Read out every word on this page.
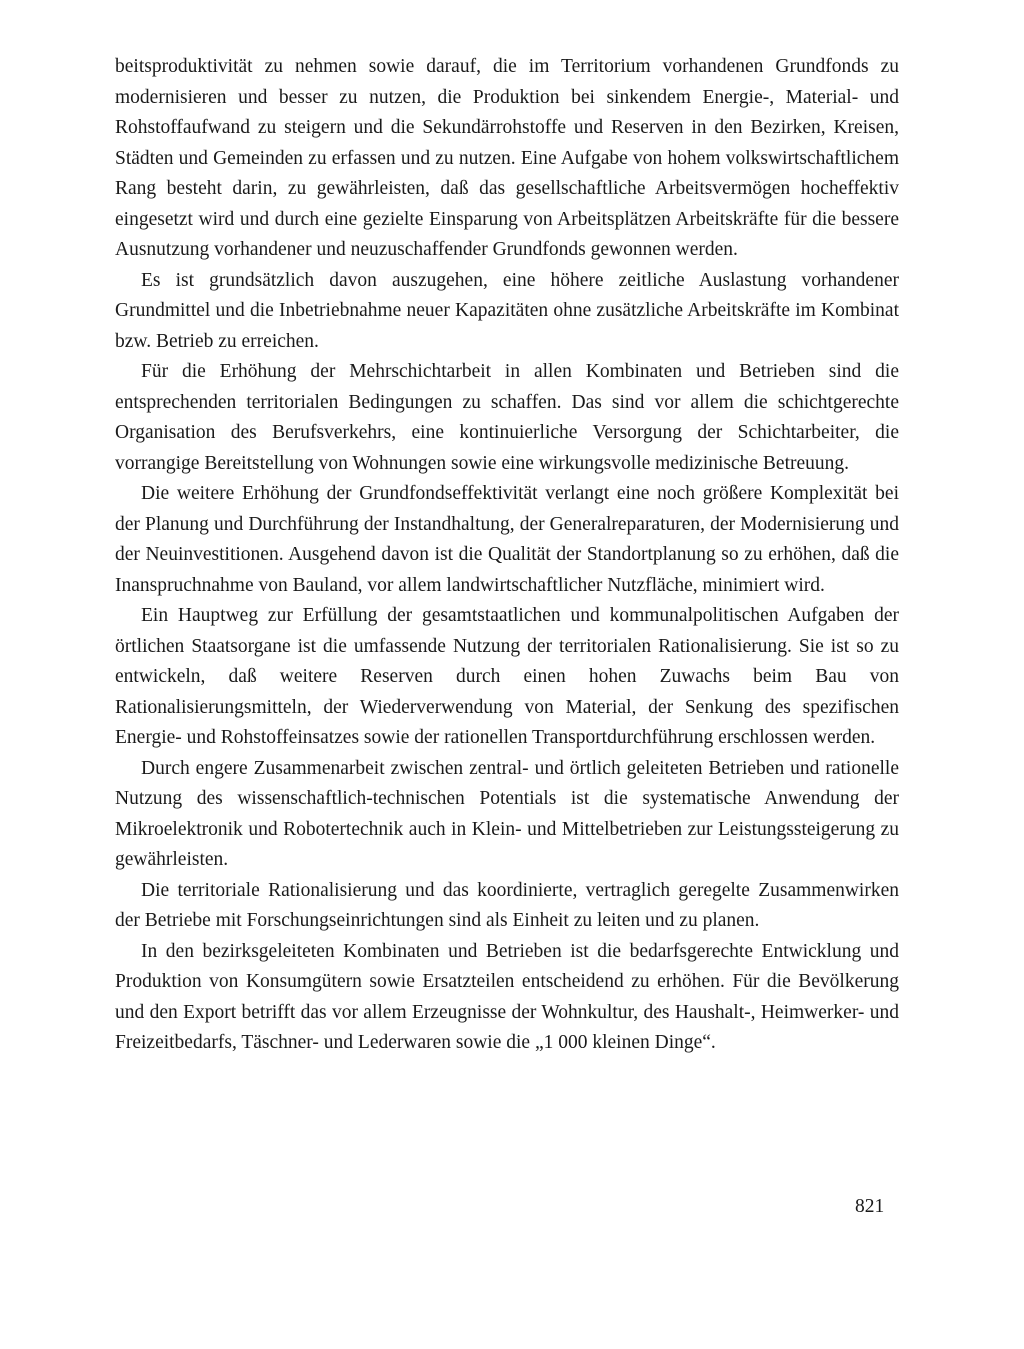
beitsproduktivität zu nehmen sowie darauf, die im Territorium vorhandenen Grundfonds zu modernisieren und besser zu nutzen, die Produktion bei sinkendem Energie-, Material- und Rohstoffaufwand zu steigern und die Sekundärrohstoffe und Reserven in den Bezirken, Kreisen, Städten und Gemeinden zu erfassen und zu nutzen. Eine Aufgabe von hohem volkswirtschaftlichem Rang besteht darin, zu gewährleisten, daß das gesellschaftliche Arbeitsvermögen hocheffektiv eingesetzt wird und durch eine gezielte Einsparung von Arbeitsplätzen Arbeitskräfte für die bessere Ausnutzung vorhandener und neuzuschaffender Grundfonds gewonnen werden.

Es ist grundsätzlich davon auszugehen, eine höhere zeitliche Auslastung vorhandener Grundmittel und die Inbetriebnahme neuer Kapazitäten ohne zusätzliche Arbeitskräfte im Kombinat bzw. Betrieb zu erreichen.

Für die Erhöhung der Mehrschichtarbeit in allen Kombinaten und Betrieben sind die entsprechenden territorialen Bedingungen zu schaffen. Das sind vor allem die schichtgerechte Organisation des Berufsverkehrs, eine kontinuierliche Versorgung der Schichtarbeiter, die vorrangige Bereitstellung von Wohnungen sowie eine wirkungsvolle medizinische Betreuung.

Die weitere Erhöhung der Grundfondseffektivität verlangt eine noch größere Komplexität bei der Planung und Durchführung der Instandhaltung, der Generalreparaturen, der Modernisierung und der Neuinvestitionen. Ausgehend davon ist die Qualität der Standortplanung so zu erhöhen, daß die Inanspruchnahme von Bauland, vor allem landwirtschaftlicher Nutzfläche, minimiert wird.

Ein Hauptweg zur Erfüllung der gesamtstaatlichen und kommunalpolitischen Aufgaben der örtlichen Staatsorgane ist die umfassende Nutzung der territorialen Rationalisierung. Sie ist so zu entwickeln, daß weitere Reserven durch einen hohen Zuwachs beim Bau von Rationalisierungsmitteln, der Wiederverwendung von Material, der Senkung des spezifischen Energie- und Rohstoffeinsatzes sowie der rationellen Transportdurchführung erschlossen werden.

Durch engere Zusammenarbeit zwischen zentral- und örtlich geleiteten Betrieben und rationelle Nutzung des wissenschaftlich-technischen Potentials ist die systematische Anwendung der Mikroelektronik und Robotertechnik auch in Klein- und Mittelbetrieben zur Leistungssteigerung zu gewährleisten.

Die territoriale Rationalisierung und das koordinierte, vertraglich geregelte Zusammenwirken der Betriebe mit Forschungseinrichtungen sind als Einheit zu leiten und zu planen.

In den bezirksgeleiteten Kombinaten und Betrieben ist die bedarfsgerechte Entwicklung und Produktion von Konsumgütern sowie Ersatzteilen entscheidend zu erhöhen. Für die Bevölkerung und den Export betrifft das vor allem Erzeugnisse der Wohnkultur, des Haushalt-, Heimwerker- und Freizeitbedarfs, Täschner- und Lederwaren sowie die „1 000 kleinen Dinge“.

821
